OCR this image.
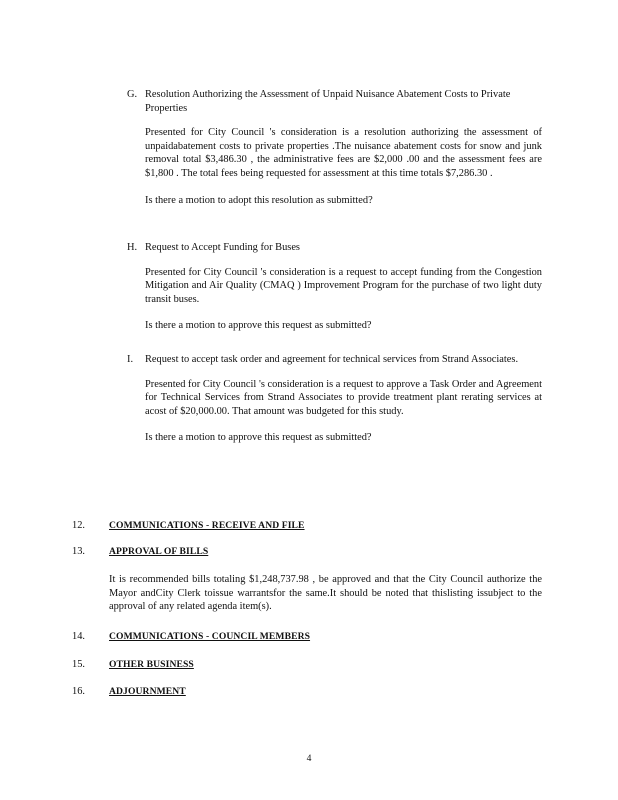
G. Resolution Authorizing the Assessment of Unpaid Nuisance Abatement Costs to Private Properties
Presented for City Council 's consideration is a resolution authorizing the assessment of unpaidabatement costs to private properties .The nuisance abatement costs for snow and junk removal total $3,486.30 , the administrative fees are $2,000 .00 and the assessment fees are $1,800 . The total fees being requested for assessment at this time totals $7,286.30 .
Is there a motion to adopt this resolution as submitted?
H. Request to Accept Funding for Buses
Presented for City Council 's consideration is a request to accept funding from the Congestion Mitigation and Air Quality (CMAQ ) Improvement Program for the purchase of two light duty transit buses.
Is there a motion to approve this request as submitted?
I.	Request to accept task order and agreement for technical services from Strand Associates.
Presented for City Council 's consideration is a request to approve a Task Order and Agreement for Technical Services from Strand Associates to provide treatment plant rerating services at acost of $20,000.00. That amount was budgeted for this study.
Is there a motion to approve this request as submitted?
12.	COMMUNICATIONS - RECEIVE AND FILE
13.	APPROVAL OF BILLS
It is recommended bills totaling $1,248,737.98 , be approved and that the City Council authorize the Mayor andCity Clerk toissue warrantsfor the same.It should be noted that thislisting issubject to the approval of any related agenda item(s).
14.	COMMUNICATIONS - COUNCIL MEMBERS
15.	OTHER BUSINESS
16.	ADJOURNMENT
4
